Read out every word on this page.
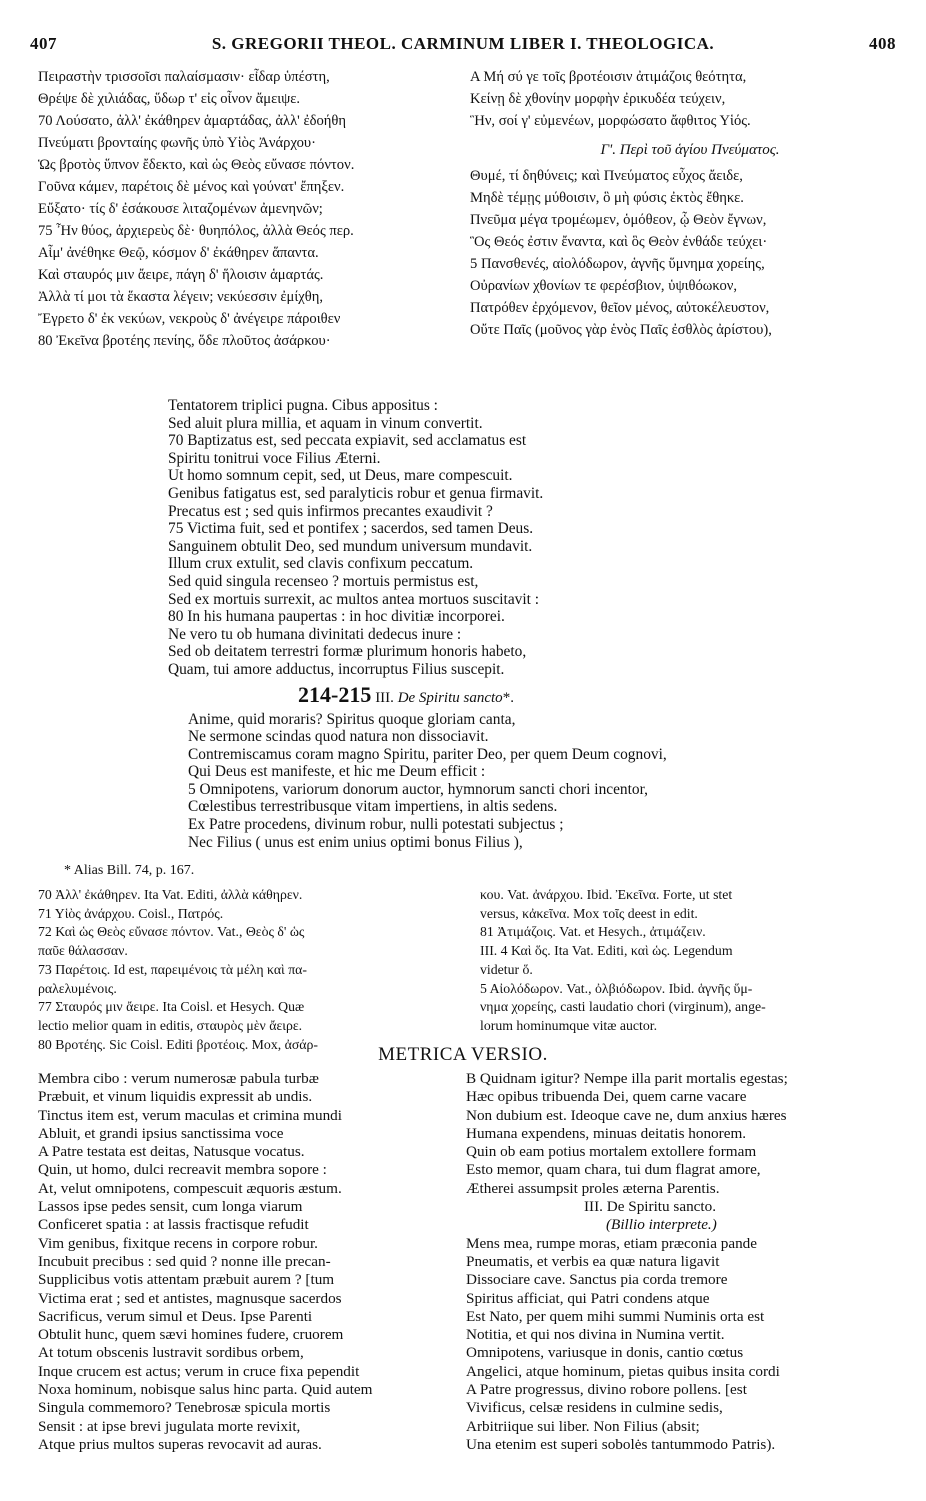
407	S. GREGORII THEOL. CARMINUM LIBER I. THEOLOGICA.	408
Πειραστὴν τρισσοῖσι παλαίσμασιν· εἶδαρ ὑπέστη,
Θρέψε δὲ χιλιάδας, ὕδωρ τ' εἰς οἶνον ἄμειψε.
70 Λούσατο, ἀλλ' ἐκάθηρεν ἁμαρτάδας, ἀλλ' ἐδοήθη
Πνεύματι βρονταίης φωνῆς ὑπὸ Υἱὸς Ἀνάρχου·
Ὡς βροτὸς ὕπνον ἔδεκτο, καὶ ὡς Θεὸς εὔνασε πόντον.
Γοῦνα κάμεν, παρέτοις δὲ μένος καὶ γούνατ' ἔπηξεν.
Εὔξατο· τίς δ' ἐσάκουσε λιταζομένων ἀμενηνῶν;
75 Ἦν θύος, ἀρχιερεὺς δὲ· θυηπόλος, ἀλλὰ Θεός περ.
Αἷμ' ἀνέθηκε Θεῷ, κόσμον δ' ἐκάθηρεν ἅπαντα.
Καὶ σταυρός μιν ἄειρε, πάγη δ' ἥλοισιν ἁμαρτάς.
Ἀλλὰ τί μοι τὰ ἕκαστα λέγειν; νεκύεσσιν ἐμίχθη,
Ἔγρετο δ' ἐκ νεκύων, νεκροὺς δ' ἀνέγειρε πάροιθεν
80 Ἐκεῖνα βροτέης πενίης, ὅδε πλοῦτος ἀσάρκου·
A Μή σύ γε τοῖς βροτέοισιν ἀτιμάζοις θεότητα,
Κείνῃ δὲ χθονίην μορφὴν ἐρικυδέα τεύχειν,
Ἣν, σοί γ' εὐμενέων, μορφώσατο ἄφθιτος Υἱός.
Γ'. Περὶ τοῦ ἁγίου Πνεύματος.
Θυμέ, τί δηθύνεις; καὶ Πνεύματος εὖχος ἄειδε,
Μηδὲ τέμῃς μύθοισιν, ὃ μὴ φύσις ἐκτὸς ἔθηκε.
Πνεῦμα μέγα τρομέωμεν, ὁμόθεον, ᾧ Θεὸν ἔγνων,
Ὃς Θεός ἐστιν ἔναντα, καὶ ὃς Θεὸν ἐνθάδε τεύχει·
5 Πανσθενές, αἰολόδωρον, ἁγνῆς ὕμνημα χορείης,
Οὐρανίων χθονίων τε φερέσβιον, ὑψιθόωκον,
Πατρόθεν ἐρχόμενον, θεῖον μένος, αὐτοκέλευστον,
Οὔτε Παῖς (μοῦνος γὰρ ἑνὸς Παῖς ἐσθλὸς ἀρίστου),
Tentatorem triplici pugna. Cibus appositus :
Sed aluit plura millia, et aquam in vinum convertit.
70 Baptizatus est, sed peccata expiavit, sed acclamatus est
Spiritu tonitrui voce Filius Æterni.
Ut homo somnum cepit, sed, ut Deus, mare compescuit.
Genibus fatigatus est, sed paralyticis robur et genua firmavit.
Precatus est ; sed quis infirmos precantes exaudivit ?
75 Victima fuit, sed et pontifex ; sacerdos, sed tamen Deus.
Sanguinem obtulit Deo, sed mundum universum mundavit.
Illum crux extulit, sed clavis confixum peccatum.
Sed quid singula recenseo ? mortuis permistus est,
Sed ex mortuis surrexit, ac multos antea mortuos suscitavit :
80 In his humana paupertas : in hoc divitiæ incorporei.
Ne vero tu ob humana divinitati dedecus inure :
Sed ob deitatem terrestri formæ plurimum honoris habeto,
Quam, tui amore adductus, incorruptus Filius suscepit.
214-215 III. De Spiritu sancto*.
Anime, quid moraris? Spiritus quoque gloriam canta,
Ne sermone scindas quod natura non dissociavit.
Contremiscamus coram magno Spiritu, pariter Deo, per quem Deum cognovi,
Qui Deus est manifeste, et hic me Deum efficit :
5 Omnipotens, variorum donorum auctor, hymnorum sancti chori incentor,
Cœlestibus terrestribusque vitam impertiens, in altis sedens.
Ex Patre procedens, divinum robur, nulli potestati subjectus ;
Nec Filius ( unus est enim unius optimi bonus Filius ),
* Alias Bill. 74, p. 167.
70 Ἀλλ' ἐκάθηρεν. Ita Vat. Editi, ἀλλὰ κάθηρεν.
71 Υἱὸς ἀνάρχου. Coisl., Πατρός.
72 Καὶ ὡς Θεὸς εὔνασε πόντον. Vat., Θεὸς δ' ὡς
παῦε θάλασσαν.
73 Παρέτοις. Id est, παρειμένοις τὰ μέλη καὶ πα-
ραλελυμένοις.
77 Σταυρός μιν ἄειρε. Ita Coisl. et Hesych. Quæ
lectio melior quam in editis, σταυρὸς μὲν ἄειρε.
80 Βροτέης. Sic Coisl. Editi βροτέοις. Mox, ἀσάρ-
κου. Vat. ἀνάρχου. Ibid. Ἐκεῖνα. Forte, ut stet
versus, κἀκεῖνα. Mox τοῖς deest in edit.
81 Ἀτιμάζοις. Vat. et Hesych., ἀτιμάζειν.
III. 4 Καὶ ὅς. Ita Vat. Editi, καὶ ὡς. Legendum
videtur ὅ.
5 Αἰολόδωρον. Vat., ὀλβιόδωρον. Ibid. ἁγνῆς ὕμ-
νημα χορείης, casti laudatio chori (virginum), ange-
lorum hominumque vitæ auctor.
METRICA VERSIO.
Membra cibo : verum numerosæ pabula turbæ
Præbuit, et vinum liquidis expressit ab undis.
Tinctus item est, verum maculas et crimina mundi
Abluit, et grandi ipsius sanctissima voce
A Patre testata est deitas, Natusque vocatus.
Quin, ut homo, dulci recreavit membra sopore :
At, velut omnipotens, compescuit æquoris æstum.
Lassos ipse pedes sensit, cum longa viarum
Conficeret spatia : at lassis fractisque refudit
Vim genibus, fixitque recens in corpore robur.
Incubuit precibus : sed quid ? nonne ille precan-
Supplicibus votis attentam præbuit aurem ? [tum
Victima erat ; sed et antistes, magnusque sacerdos
Sacrificus, verum simul et Deus. Ipse Parenti
Obtulit hunc, quem sævi homines fudere, cruorem
At totum obscenis lustravit sordibus orbem,
Inque crucem est actus; verum in cruce fixa pependit
Noxa hominum, nobisque salus hinc parta. Quid autem
Singula commemoro? Tenebrosæ spicula mortis
Sensit : at ipse brevi jugulata morte revixit,
Atque prius multos superas revocavit ad auras.
B Quidnam igitur? Nempe illa parit mortalis egestas;
Hæc opibus tribuenda Dei, quem carne vacare
Non dubium est. Ideoque cave ne, dum anxius hæres
Humana expendens, minuas deitatis honorem.
Quin ob eam potius mortalem extollere formam
Esto memor, quam chara, tui dum flagrat amore,
Ætherei assumpsit proles æterna Parentis.
III. De Spiritu sancto.
(Billio interprete.)
Mens mea, rumpe moras, etiam præconia pande
Pneumatis, et verbis ea quæ natura ligavit
Dissociare cave. Sanctus pia corda tremore
Spiritus afficiat, qui Patri condens atque
Est Nato, per quem mihi summi Numinis orta est
Notitia, et qui nos divina in Numina vertit.
Omnipotens, variusque in donis, cantio cœtus
Angelici, atque hominum, pietas quibus insita cordi
A Patre progressus, divino robore pollens. [est
Vivificus, celsæ residens in culmine sedis,
Arbitriique sui liber. Non Filius (absit;
Una etenim est superi sobolės tantummodo Patris).
